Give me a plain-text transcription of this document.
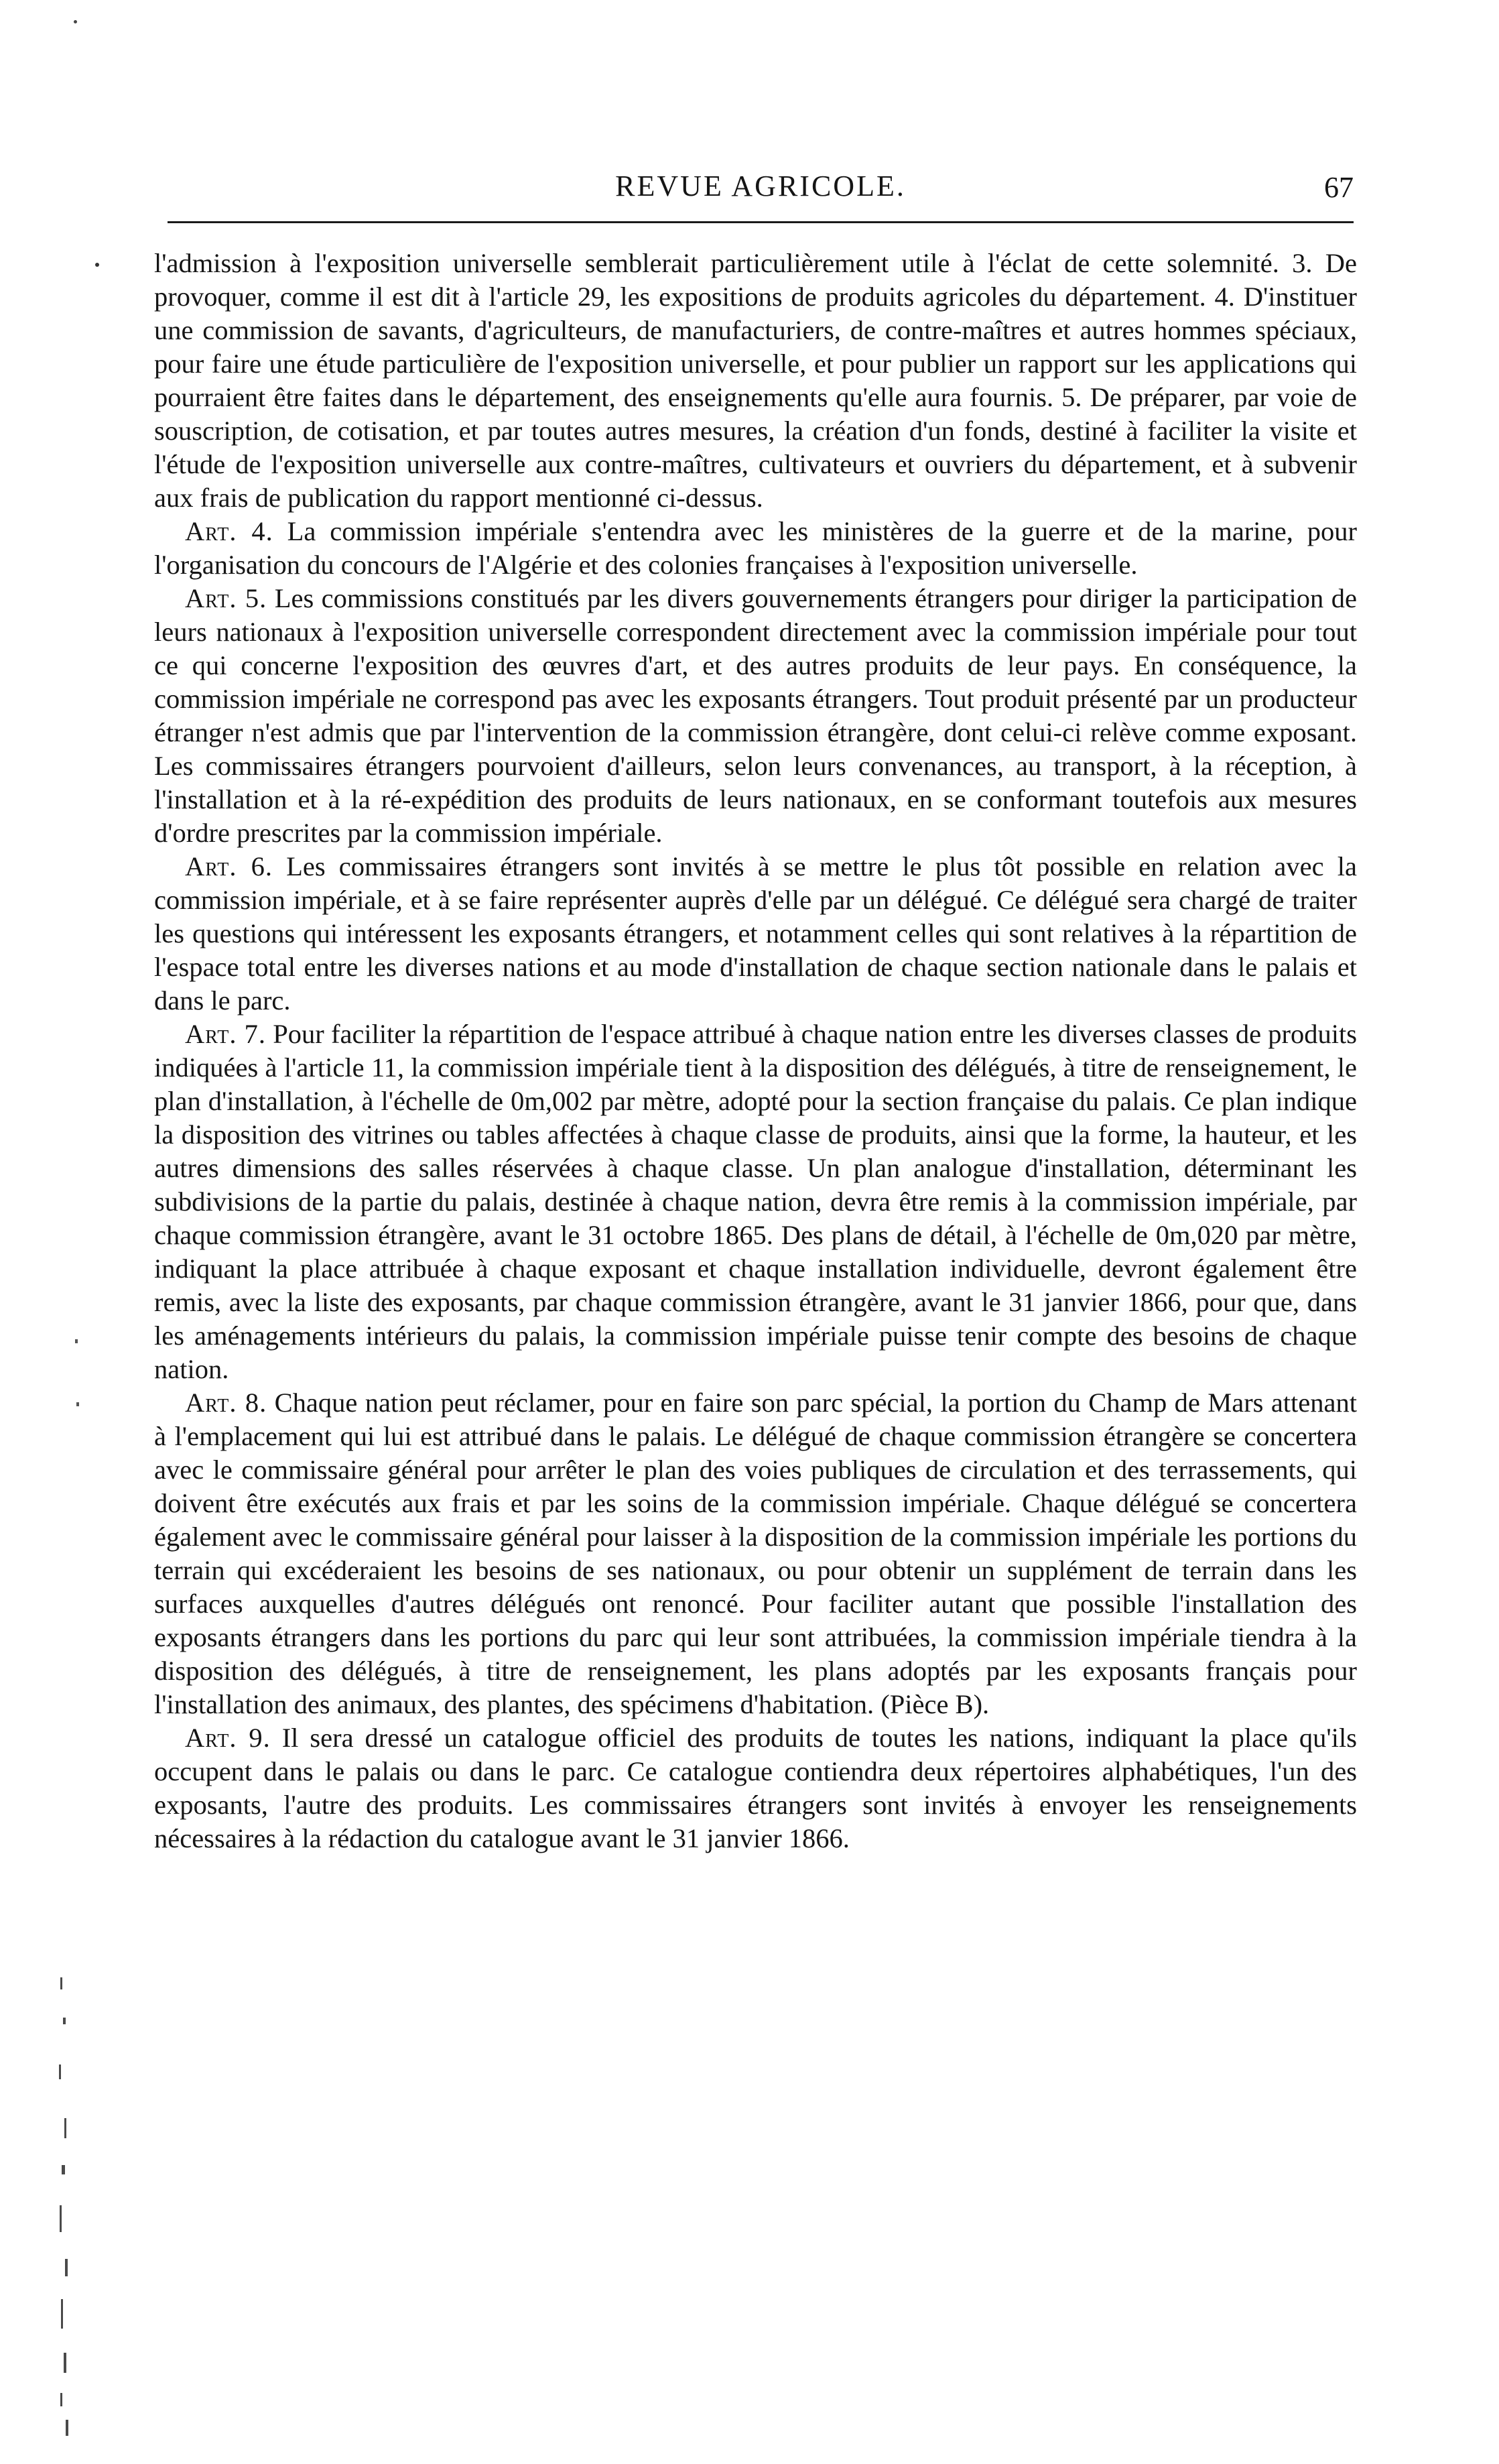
REVUE AGRICOLE.	67

l'admission à l'exposition universelle semblerait particulièrement utile à l'éclat de cette solemnité. 3. De provoquer, comme il est dit à l'article 29, les expositions de produits agricoles du département. 4. D'instituer une commission de savants, d'agriculteurs, de manufacturiers, de contre-maîtres et autres hommes spéciaux, pour faire une étude particulière de l'exposition universelle, et pour publier un rapport sur les applications qui pourraient être faites dans le département, des enseignements qu'elle aura fournis. 5. De préparer, par voie de souscription, de cotisation, et par toutes autres mesures, la création d'un fonds, destiné à faciliter la visite et l'étude de l'exposition universelle aux contre-maîtres, cultivateurs et ouvriers du département, et à subvenir aux frais de publication du rapport mentionné ci-dessus.

Art. 4. La commission impériale s'entendra avec les ministères de la guerre et de la marine, pour l'organisation du concours de l'Algérie et des colonies françaises à l'exposition universelle.

Art. 5. Les commissions constitués par les divers gouvernements étrangers pour diriger la participation de leurs nationaux à l'exposition universelle correspondent directement avec la commission impériale pour tout ce qui concerne l'exposition des œuvres d'art, et des autres produits de leur pays. En conséquence, la commission impériale ne correspond pas avec les exposants étrangers. Tout produit présenté par un producteur étranger n'est admis que par l'intervention de la commission étrangère, dont celui-ci relève comme exposant. Les commissaires étrangers pourvoient d'ailleurs, selon leurs convenances, au transport, à la réception, à l'installation et à la ré-expédition des produits de leurs nationaux, en se conformant toutefois aux mesures d'ordre prescrites par la commission impériale.

Art. 6. Les commissaires étrangers sont invités à se mettre le plus tôt possible en relation avec la commission impériale, et à se faire représenter auprès d'elle par un délégué. Ce délégué sera chargé de traiter les questions qui intéressent les exposants étrangers, et notamment celles qui sont relatives à la répartition de l'espace total entre les diverses nations et au mode d'installation de chaque section nationale dans le palais et dans le parc.

Art. 7. Pour faciliter la répartition de l'espace attribué à chaque nation entre les diverses classes de produits indiquées à l'article 11, la commission impériale tient à la disposition des délégués, à titre de renseignement, le plan d'installation, à l'échelle de 0m,002 par mètre, adopté pour la section française du palais. Ce plan indique la disposition des vitrines ou tables affectées à chaque classe de produits, ainsi que la forme, la hauteur, et les autres dimensions des salles réservées à chaque classe. Un plan analogue d'installation, déterminant les subdivisions de la partie du palais, destinée à chaque nation, devra être remis à la commission impériale, par chaque commission étrangère, avant le 31 octobre 1865. Des plans de détail, à l'échelle de 0m,020 par mètre, indiquant la place attribuée à chaque exposant et chaque installation individuelle, devront également être remis, avec la liste des exposants, par chaque commission étrangère, avant le 31 janvier 1866, pour que, dans les aménagements intérieurs du palais, la commission impériale puisse tenir compte des besoins de chaque nation.

Art. 8. Chaque nation peut réclamer, pour en faire son parc spécial, la portion du Champ de Mars attenant à l'emplacement qui lui est attribué dans le palais. Le délégué de chaque commission étrangère se concertera avec le commissaire général pour arrêter le plan des voies publiques de circulation et des terrassements, qui doivent être exécutés aux frais et par les soins de la commission impériale. Chaque délégué se concertera également avec le commissaire général pour laisser à la disposition de la commission impériale les portions du terrain qui excéderaient les besoins de ses nationaux, ou pour obtenir un supplément de terrain dans les surfaces auxquelles d'autres délégués ont renoncé. Pour faciliter autant que possible l'installation des exposants étrangers dans les portions du parc qui leur sont attribuées, la commission impériale tiendra à la disposition des délégués, à titre de renseignement, les plans adoptés par les exposants français pour l'installation des animaux, des plantes, des spécimens d'habitation. (Pièce B).

Art. 9. Il sera dressé un catalogue officiel des produits de toutes les nations, indiquant la place qu'ils occupent dans le palais ou dans le parc. Ce catalogue contiendra deux répertoires alphabétiques, l'un des exposants, l'autre des produits. Les commissaires étrangers sont invités à envoyer les renseignements nécessaires à la rédaction du catalogue avant le 31 janvier 1866.
